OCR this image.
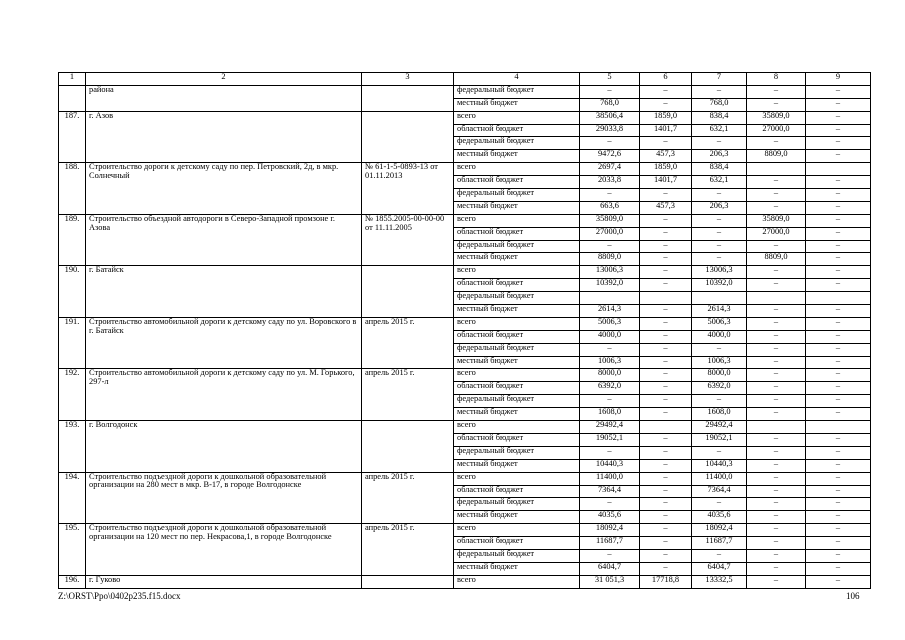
1	2	3	4	5	6	7	8	9
	района		федеральный бюджет	–	–	–	–	–
			местный бюджет	768,0	–	768,0	–	–
187.	г. Азов		всего	38506,4	1859,0	838,4	35809,0	–
			областной бюджет	29033,8	1401,7	632,1	27000,0	–
			федеральный бюджет	–	–	–	–	–
			местный бюджет	9472,6	457,3	206,3	8809,0	–
188.	Строительство дороги к детскому саду по пер. Петровский, 2д, в мкр. Солнечный	№ 61-1-5-0893-13 от 01.11.2013	всего	2697,4	1859,0	838,4		
			областной бюджет	2033,8	1401,7	632,1	–	–
			федеральный бюджет	–	–	–	–	–
			местный бюджет	663,6	457,3	206,3	–	–
189.	Строительство объездной автодороги в Северо-Западной промзоне г. Азова	№ 1855.2005-00-00-00 от 11.11.2005	всего	35809,0	–	–	35809,0	–
			областной бюджет	27000,0	–	–	27000,0	–
			федеральный бюджет	–	–	–	–	–
			местный бюджет	8809,0	–	–	8809,0	–
190.	г. Батайск		всего	13006,3	–	13006,3	–	–
			областной бюджет	10392,0	–	10392,0	–	–
			федеральный бюджет					
			местный бюджет	2614,3	–	2614,3	–	–
191.	Строительство автомобильной дороги к детскому саду по ул. Воровского в г. Батайск	апрель 2015 г.	всего	5006,3	–	5006,3	–	–
			областной бюджет	4000,0	–	4000,0	–	–
			федеральный бюджет	–	–	–	–	–
			местный бюджет	1006,3	–	1006,3	–	–
192.	Строительство автомобильной дороги к детскому саду по ул. М. Горького, 297-л	апрель 2015 г.	всего	8000,0	–	8000,0	–	–
			областной бюджет	6392,0	–	6392,0	–	–
			федеральный бюджет	–	–	–	–	–
			местный бюджет	1608,0	–	1608,0	–	–
193.	г. Волгодонск		всего	29492,4		29492,4		
			областной бюджет	19052,1	–	19052,1	–	–
			федеральный бюджет	–	–	–	–	–
			местный бюджет	10440,3	–	10440,3	–	–
194.	Строительство подъездной дороги к дошкольной образовательной организации на 280 мест в мкр. В-17, в городе Волгодонске	апрель 2015 г.	всего	11400,0	–	11400,0	–	–
			областной бюджет	7364,4	–	7364,4	–	–
			федеральный бюджет	–	–	–	–	–
			местный бюджет	4035,6	–	4035,6	–	–
195.	Строительство подъездной дороги к дошкольной образовательной организации на 120 мест по пер. Некрасова,1, в городе Волгодонске	апрель 2015 г.	всего	18092,4	–	18092,4	–	–
			областной бюджет	11687,7	–	11687,7	–	–
			федеральный бюджет	–	–	–	–	–
			местный бюджет	6404,7	–	6404,7	–	–
196.	г. Гуково		всего	31 051,3	17718,8	13332,5	–	–
Z:\ORST\Ppo\0402p235.f15.docx	106
